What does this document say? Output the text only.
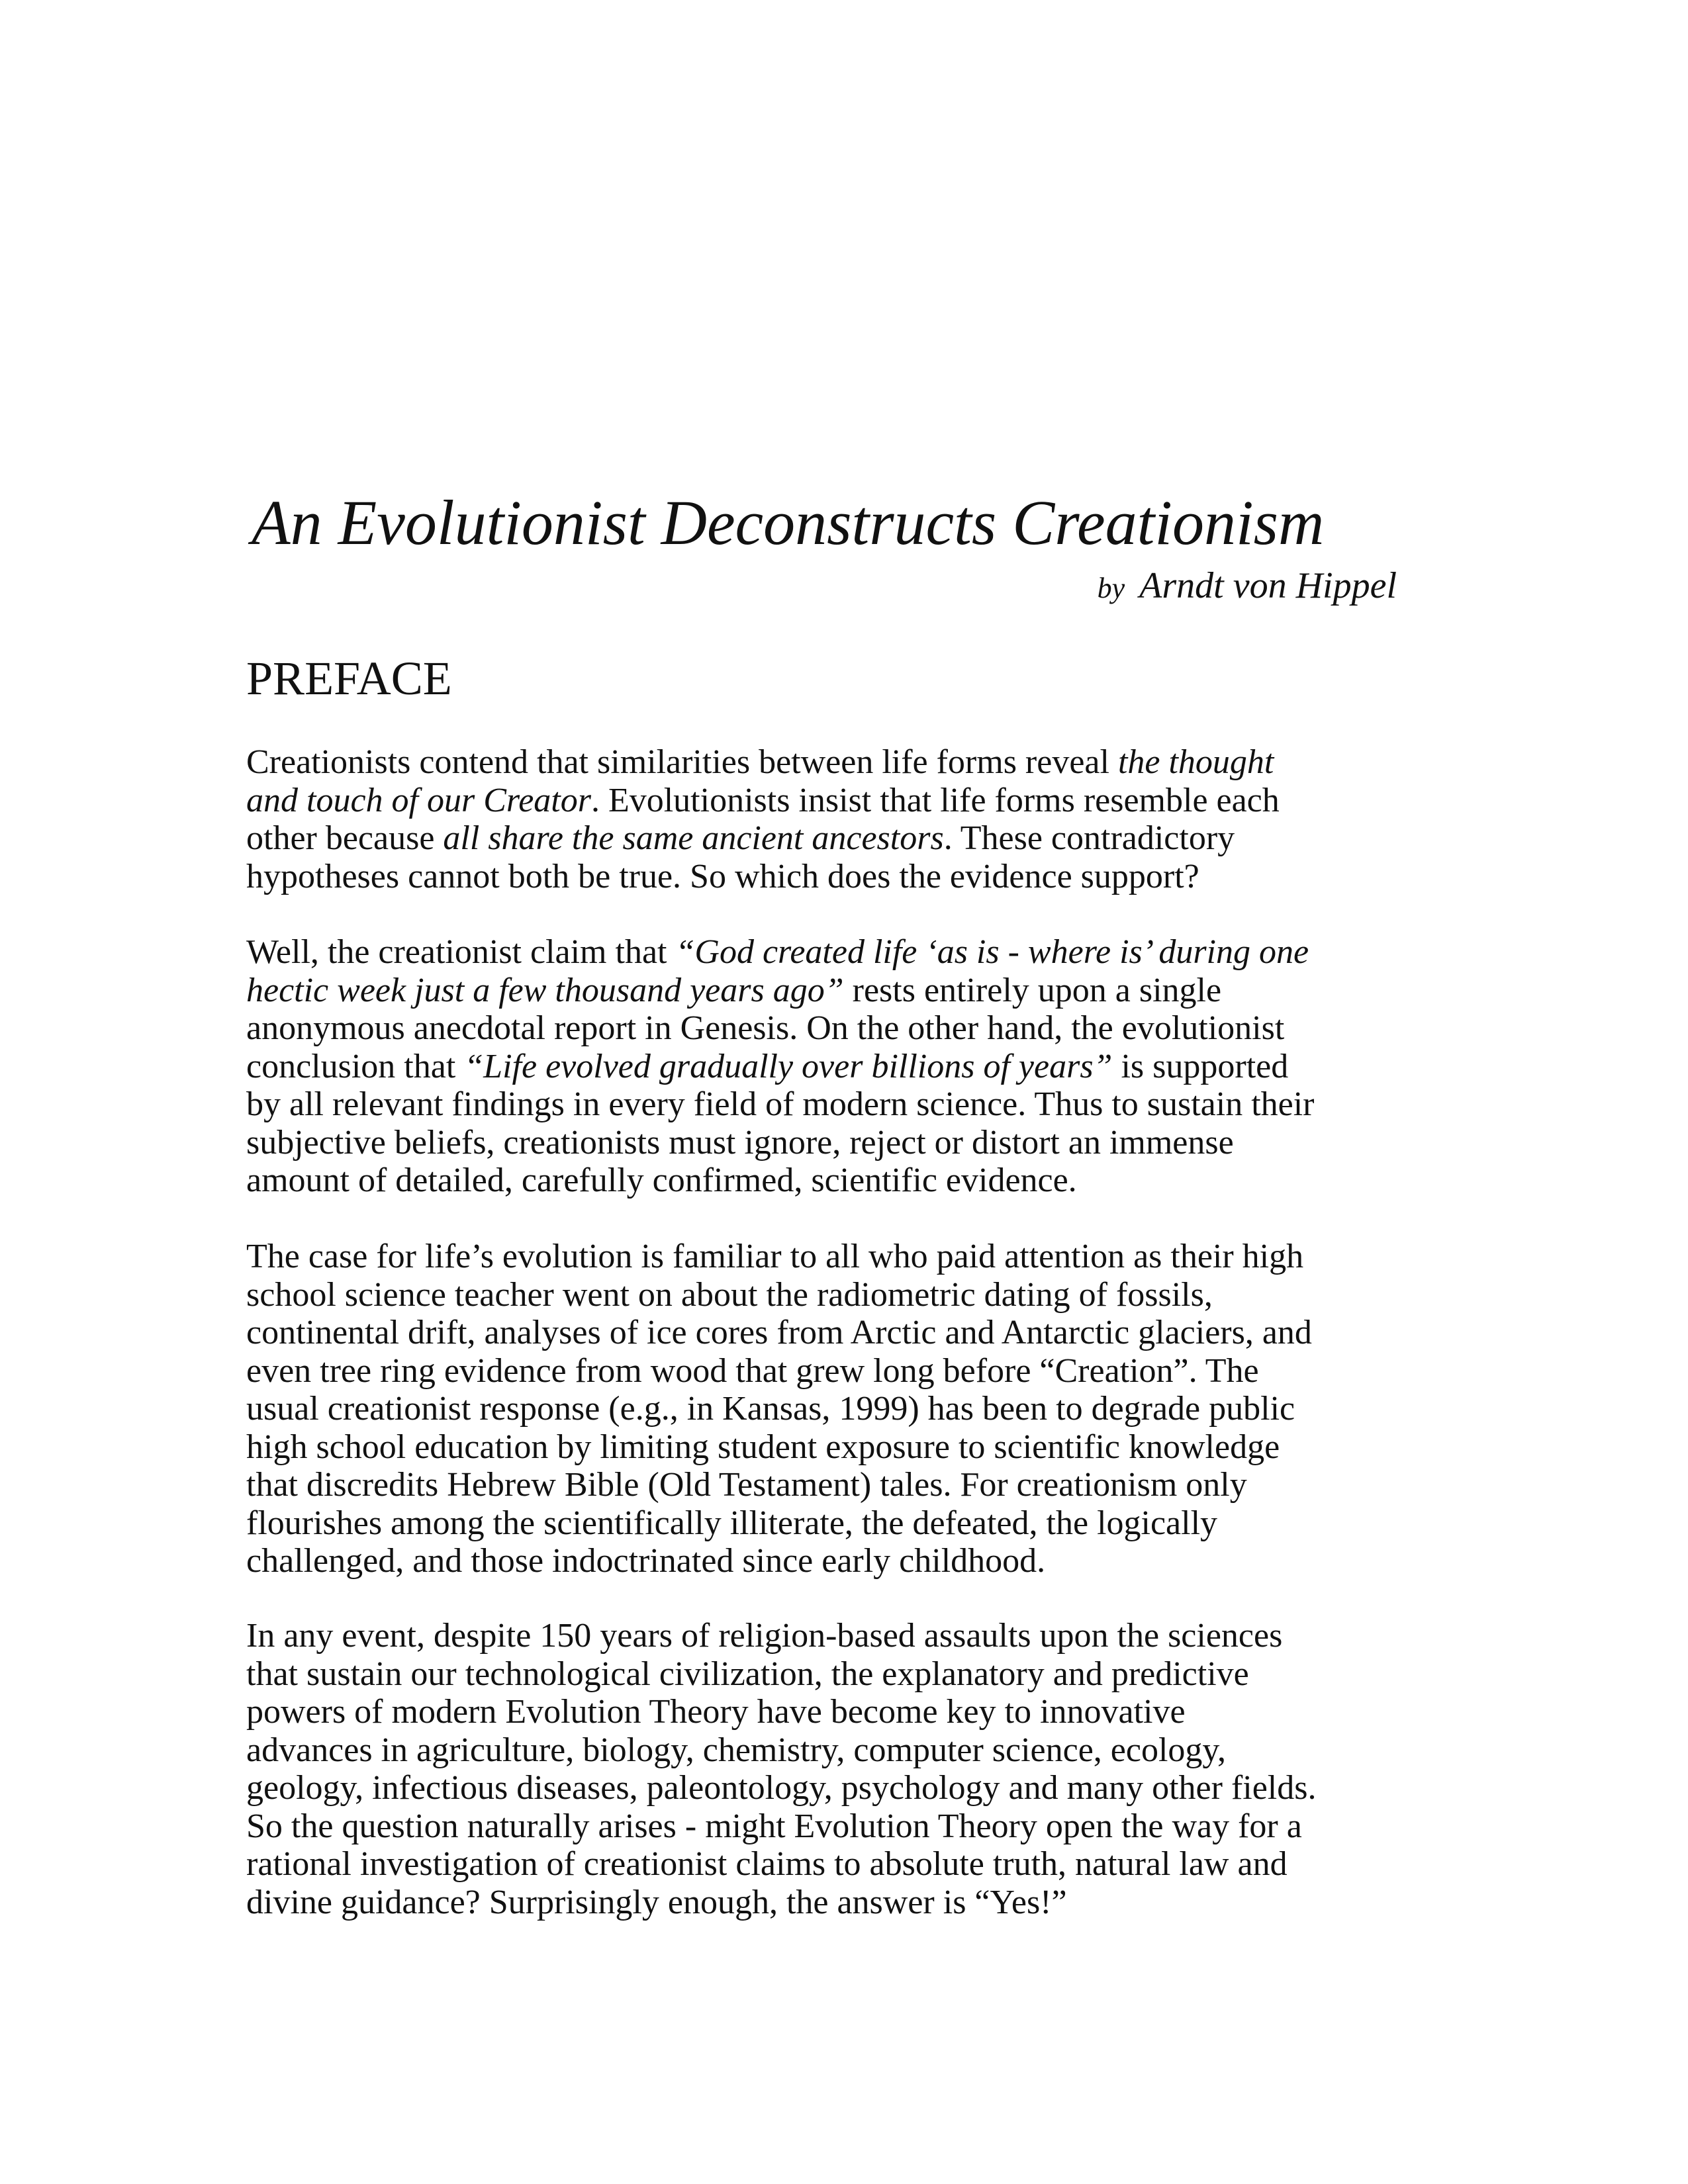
An Evolutionist Deconstructs Creationism
by Arndt von Hippel
PREFACE

Creationists contend that similarities between life forms reveal the thought
and touch of our Creator. Evolutionists insist that life forms resemble each
other because all share the same ancient ancestors. These contradictory
hypotheses cannot both be true. So which does the evidence support?

Well, the creationist claim that “God created life ‘as is - where is’ during one
hectic week just a few thousand years ago” rests entirely upon a single
anonymous anecdotal report in Genesis. On the other hand, the evolutionist
conclusion that “Life evolved gradually over billions of years” is supported
by all relevant findings in every field of modern science. Thus to sustain their
subjective beliefs, creationists must ignore, reject or distort an immense
amount of detailed, carefully confirmed, scientific evidence.

The case for life’s evolution is familiar to all who paid attention as their high
school science teacher went on about the radiometric dating of fossils,
continental drift, analyses of ice cores from Arctic and Antarctic glaciers, and
even tree ring evidence from wood that grew long before “Creation”. The
usual creationist response (e.g., in Kansas, 1999) has been to degrade public
high school education by limiting student exposure to scientific knowledge
that discredits Hebrew Bible (Old Testament) tales. For creationism only
flourishes among the scientifically illiterate, the defeated, the logically
challenged, and those indoctrinated since early childhood.

In any event, despite 150 years of religion-based assaults upon the sciences
that sustain our technological civilization, the explanatory and predictive
powers of modern Evolution Theory have become key to innovative
advances in agriculture, biology, chemistry, computer science, ecology,
geology, infectious diseases, paleontology, psychology and many other fields.
So the question naturally arises - might Evolution Theory open the way for a
rational investigation of creationist claims to absolute truth, natural law and
divine guidance? Surprisingly enough, the answer is “Yes!”
